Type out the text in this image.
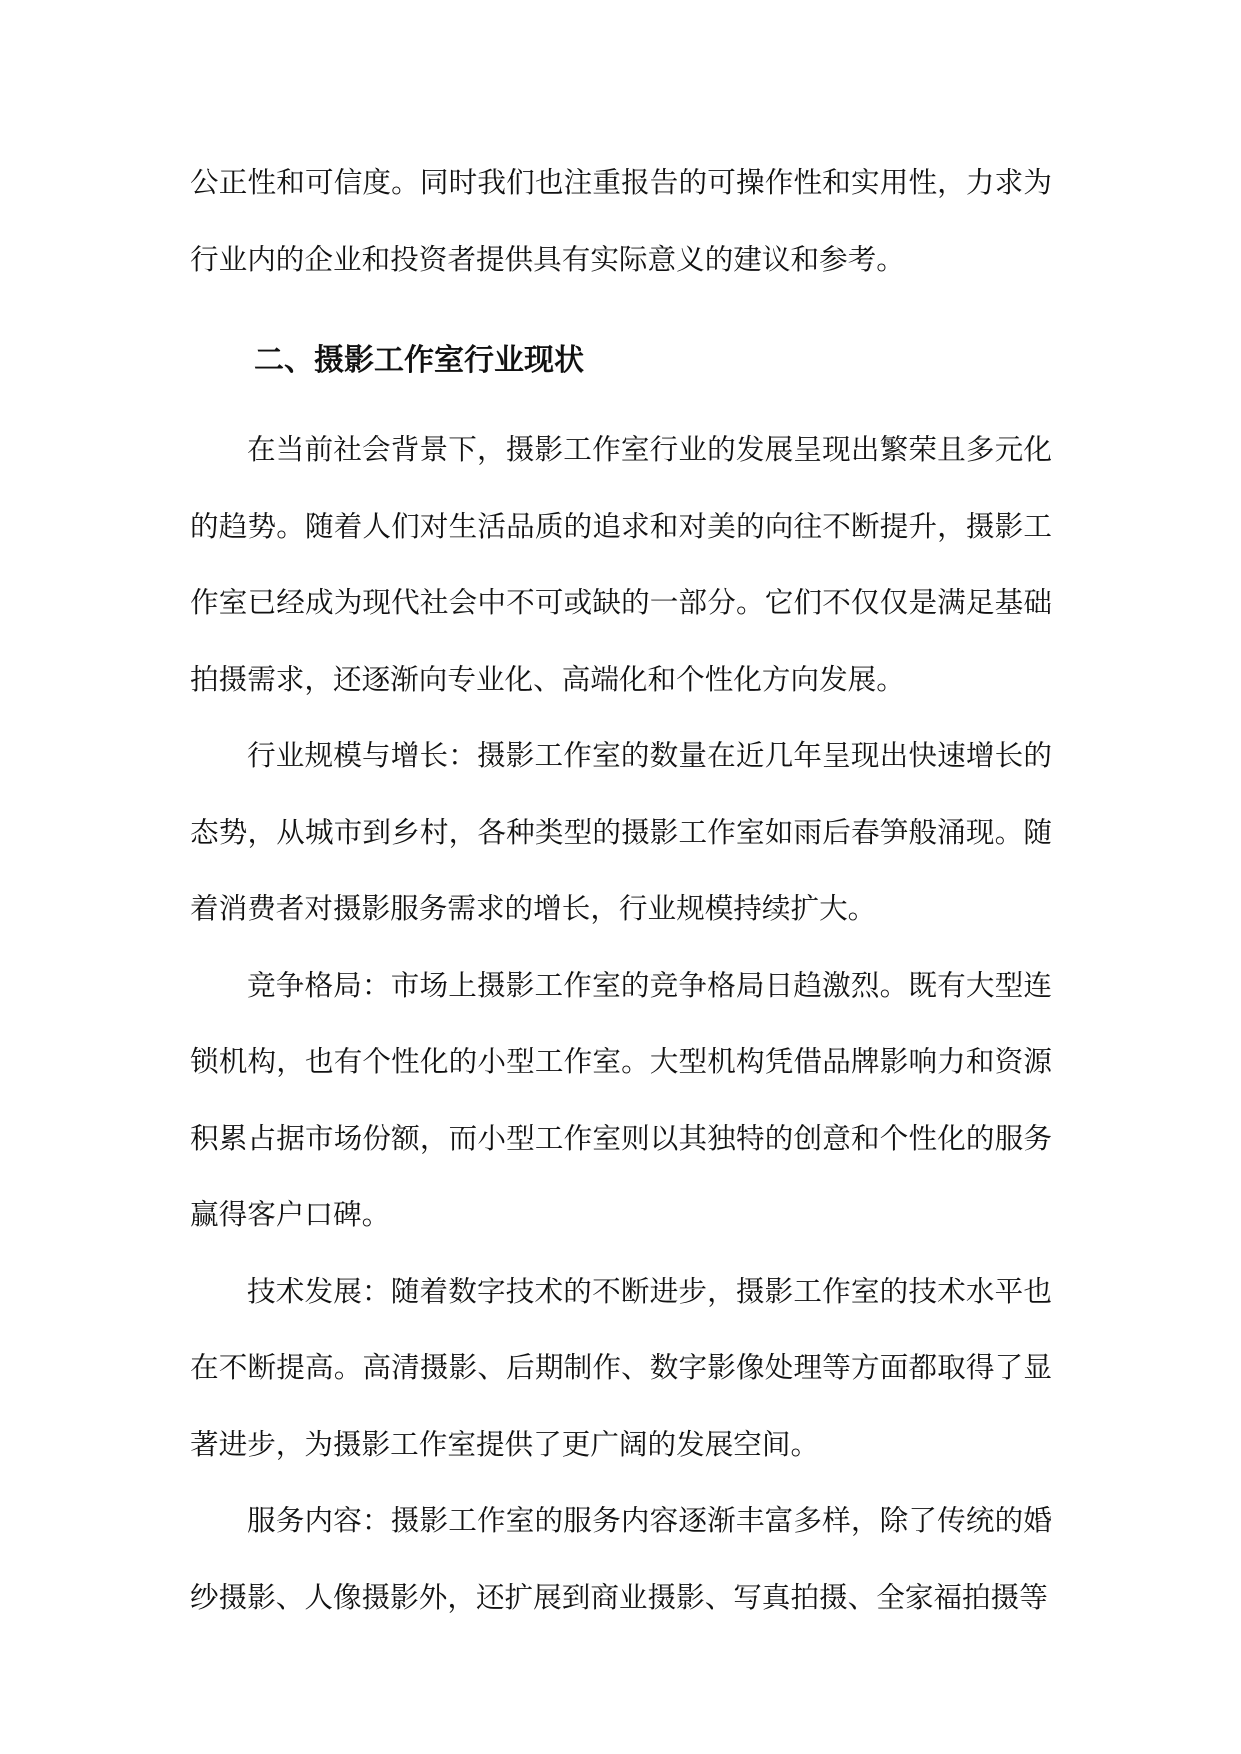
公正性和可信度。同时我们也注重报告的可操作性和实用性，力求为行业内的企业和投资者提供具有实际意义的建议和参考。

二、摄影工作室行业现状

在当前社会背景下，摄影工作室行业的发展呈现出繁荣且多元化的趋势。随着人们对生活品质的追求和对美的向往不断提升，摄影工作室已经成为现代社会中不可或缺的一部分。它们不仅仅是满足基础拍摄需求，还逐渐向专业化、高端化和个性化方向发展。

行业规模与增长：摄影工作室的数量在近几年呈现出快速增长的态势，从城市到乡村，各种类型的摄影工作室如雨后春笋般涌现。随着消费者对摄影服务需求的增长，行业规模持续扩大。

竞争格局：市场上摄影工作室的竞争格局日趋激烈。既有大型连锁机构，也有个性化的小型工作室。大型机构凭借品牌影响力和资源积累占据市场份额，而小型工作室则以其独特的创意和个性化的服务赢得客户口碑。

技术发展：随着数字技术的不断进步，摄影工作室的技术水平也在不断提高。高清摄影、后期制作、数字影像处理等方面都取得了显著进步，为摄影工作室提供了更广阔的发展空间。

服务内容：摄影工作室的服务内容逐渐丰富多样，除了传统的婚纱摄影、人像摄影外，还扩展到商业摄影、写真拍摄、全家福拍摄等
